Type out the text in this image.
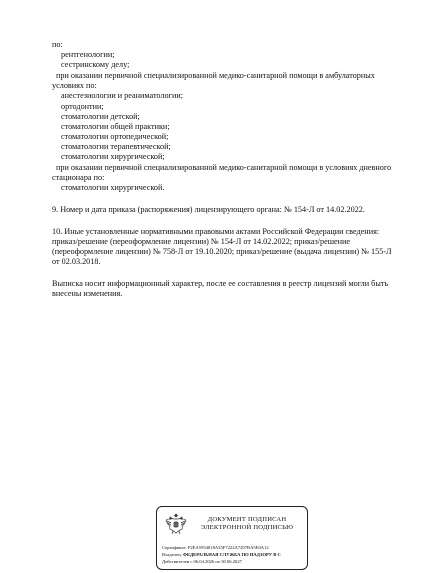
по:
рентгенологии;
сестринскому делу;
при оказании первичной специализированной медико-санитарной помощи в амбулаторных
условиях по:
анестезиологии и реаниматологии;
ортодонтии;
стоматологии детской;
стоматологии общей практики;
стоматологии ортопедической;
стоматологии терапевтической;
стоматологии хирургической;
при оказании первичной специализированной медико-санитарной помощи в условиях дневного
стационара по:
стоматологии хирургической.
9. Номер и дата приказа (распоряжения) лицензирующего органа: № 154-Л от 14.02.2022.
10. Иные установленные нормативными правовыми актами Российской Федерации сведения:
приказ/решение (переоформление лицензии) № 154-Л от 14.02.2022; приказ/решение
(переоформление лицензии) № 758-Л от 19.10.2020; приказ/решение (выдача лицензии) № 155-Л
от 02.03.2018.
Выписка носит информационный характер, после ее составления в реестр лицензий могли быть
внесены изменения.
ДОКУМЕНТ ПОДПИСАН
ЭЛЕКТРОННОЙ ПОДПИСЬЮ
Сертификат: F2EA5954818A35F7222A7297BA5E0A12
Владелец: ФЕДЕРАЛЬНАЯ СЛУЖБА ПО НАДЗОРУ В С
Действителен с 06.04.2026 по 30.06.2027
